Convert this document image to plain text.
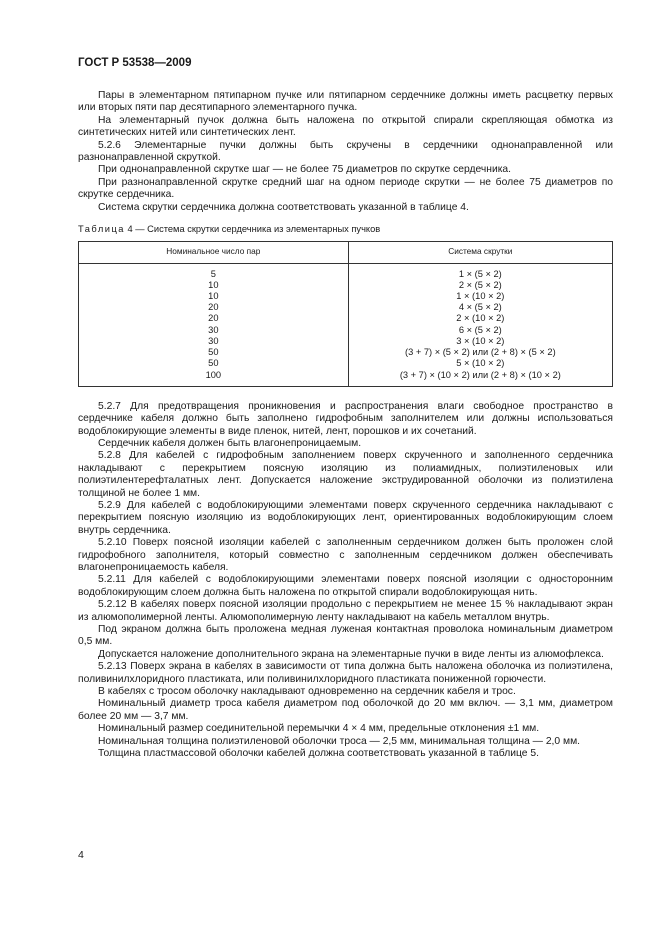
ГОСТ Р 53538—2009

Пары в элементарном пятипарном пучке или пятипарном сердечнике должны иметь расцветку первых или вторых пяти пар десятипарного элементарного пучка.

На элементарный пучок должна быть наложена по открытой спирали скрепляющая обмотка из синтетических нитей или синтетических лент.

5.2.6 Элементарные пучки должны быть скручены в сердечники однонаправленной или разнонаправленной скруткой.

При однонаправленной скрутке шаг — не более 75 диаметров по скрутке сердечника.

При разнонаправленной скрутке средний шаг на одном периоде скрутки — не более 75 диаметров по скрутке сердечника.

Система скрутки сердечника должна соответствовать указанной в таблице 4.

Таблица 4 — Система скрутки сердечника из элементарных пучков
Номинальное число пар	Система скрутки
5	1 × (5 × 2)
10	2 × (5 × 2)
10	1 × (10 × 2)
20	4 × (5 × 2)
20	2 × (10 × 2)
30	6 × (5 × 2)
30	3 × (10 × 2)
50	(3 + 7) × (5 × 2) или (2 + 8) × (5 × 2)
50	5 × (10 × 2)
100	(3 + 7) × (10 × 2) или (2 + 8) × (10 × 2)

5.2.7 Для предотвращения проникновения и распространения влаги свободное пространство в сердечнике кабеля должно быть заполнено гидрофобным заполнителем или должны использоваться водоблокирующие элементы в виде пленок, нитей, лент, порошков и их сочетаний.

Сердечник кабеля должен быть влагонепроницаемым.

5.2.8 Для кабелей с гидрофобным заполнением поверх скрученного и заполненного сердечника накладывают с перекрытием поясную изоляцию из полиамидных, полиэтиленовых или полиэтилентерефталатных лент. Допускается наложение экструдированной оболочки из полиэтилена толщиной не более 1 мм.

5.2.9 Для кабелей с водоблокирующими элементами поверх скрученного сердечника накладывают с перекрытием поясную изоляцию из водоблокирующих лент, ориентированных водоблокирующим слоем внутрь сердечника.

5.2.10 Поверх поясной изоляции кабелей с заполненным сердечником должен быть проложен слой гидрофобного заполнителя, который совместно с заполненным сердечником должен обеспечивать влагонепроницаемость кабеля.

5.2.11 Для кабелей с водоблокирующими элементами поверх поясной изоляции с односторонним водоблокирующим слоем должна быть наложена по открытой спирали водоблокирующая нить.

5.2.12 В кабелях поверх поясной изоляции продольно с перекрытием не менее 15 % накладывают экран из алюмополимерной ленты. Алюмополимерную ленту накладывают на кабель металлом внутрь.

Под экраном должна быть проложена медная луженая контактная проволока номинальным диаметром 0,5 мм.

Допускается наложение дополнительного экрана на элементарные пучки в виде ленты из алюмофлекса.

5.2.13 Поверх экрана в кабелях в зависимости от типа должна быть наложена оболочка из полиэтилена, поливинилхлоридного пластиката, или поливинилхлоридного пластиката пониженной горючести.

В кабелях с тросом оболочку накладывают одновременно на сердечник кабеля и трос.

Номинальный диаметр троса кабеля диаметром под оболочкой до 20 мм включ. — 3,1 мм, диаметром более 20 мм — 3,7 мм.

Номинальный размер соединительной перемычки 4 × 4 мм, предельные отклонения ±1 мм.

Номинальная толщина полиэтиленовой оболочки троса — 2,5 мм, минимальная толщина — 2,0 мм.

Толщина пластмассовой оболочки кабелей должна соответствовать указанной в таблице 5.

4
